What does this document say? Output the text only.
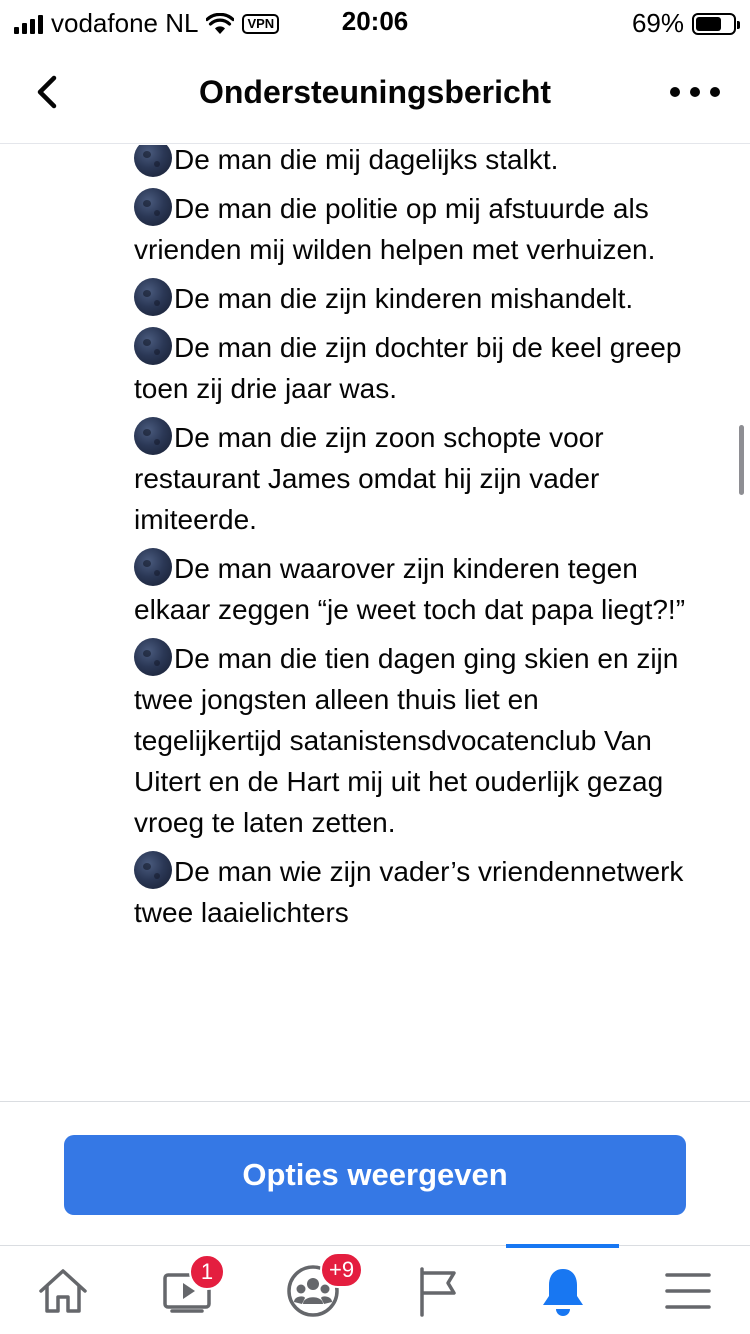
vodafone NL	VPN	20:06	69%
Ondersteuningsbericht
De man die mij dagelijks stalkt.
De man die politie op mij afstuurde als vrienden mij wilden helpen met verhuizen.
De man die zijn kinderen mishandelt.
De man die zijn dochter bij de keel greep toen zij drie jaar was.
De man die zijn zoon schopte voor restaurant James omdat hij zijn vader imiteerde.
De man waarover zijn kinderen tegen elkaar zeggen “je weet toch dat papa liegt?!”
De man die tien dagen ging skien en zijn twee jongsten alleen thuis liet en tegelijkertijd satanistensdvocatenclub Van Uitert en de Hart mij uit het ouderlijk gezag vroeg te laten zetten.
De man wie zijn vader’s vriendennetwerk twee laaielichters
Opties weergeven
1	+9
